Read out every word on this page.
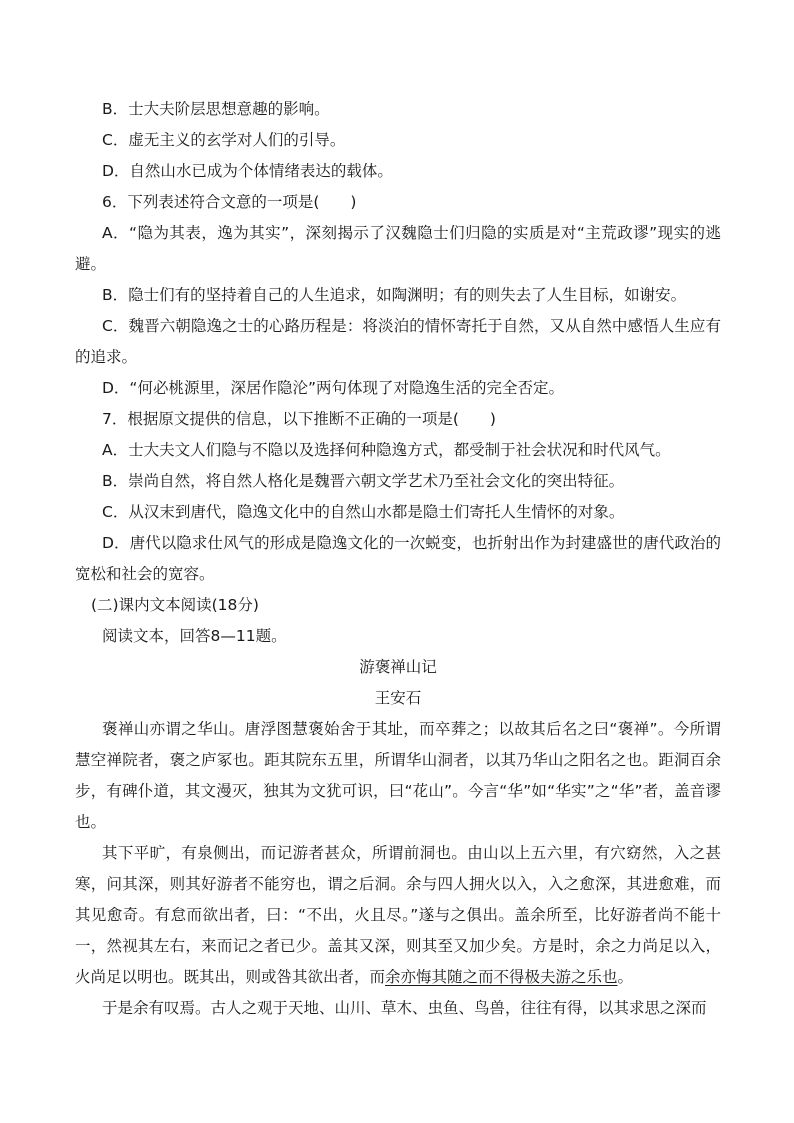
B．士大夫阶层思想意趣的影响。

C．虚无主义的玄学对人们的引导。

D．自然山水已成为个体情绪表达的载体。

6．下列表述符合文意的一项是(　　)

A．“隐为其表，逸为其实”，深刻揭示了汉魏隐士们归隐的实质是对“主荒政谬”现实的逃避。

B．隐士们有的坚持着自己的人生追求，如陶渊明；有的则失去了人生目标，如谢安。

C．魏晋六朝隐逸之士的心路历程是：将淡泊的情怀寄托于自然，又从自然中感悟人生应有的追求。

D．“何必桃源里，深居作隐沦”两句体现了对隐逸生活的完全否定。

7．根据原文提供的信息，以下推断不正确的一项是(　　)

A．士大夫文人们隐与不隐以及选择何种隐逸方式，都受制于社会状况和时代风气。

B．崇尚自然，将自然人格化是魏晋六朝文学艺术乃至社会文化的突出特征。

C．从汉末到唐代，隐逸文化中的自然山水都是隐士们寄托人生情怀的对象。

D．唐代以隐求仕风气的形成是隐逸文化的一次蜕变，也折射出作为封建盛世的唐代政治的宽松和社会的宽容。

(二)课内文本阅读(18分)

阅读文本，回答8—11题。

游褒禅山记

王安石

褒禅山亦谓之华山。唐浮图慧褒始舍于其址，而卒葬之；以故其后名之曰“褒禅”。今所谓慧空禅院者，褒之庐冢也。距其院东五里，所谓华山洞者，以其乃华山之阳名之也。距洞百余步，有碑仆道，其文漫灭，独其为文犹可识，曰“花山”。今言“华”如“华实”之“华”者，盖音谬也。

其下平旷，有泉侧出，而记游者甚众，所谓前洞也。由山以上五六里，有穴窈然，入之甚寒，问其深，则其好游者不能穷也，谓之后洞。余与四人拥火以入，入之愈深，其进愈难，而其见愈奇。有怠而欲出者，曰：“不出，火且尽。”遂与之俱出。盖余所至，比好游者尚不能十一，然视其左右，来而记之者已少。盖其又深，则其至又加少矣。方是时，余之力尚足以入，火尚足以明也。既其出，则或咎其欲出者，而余亦悔其随之而不得极夫游之乐也。

于是余有叹焉。古人之观于天地、山川、草木、虫鱼、鸟兽，往往有得，以其求思之深而
